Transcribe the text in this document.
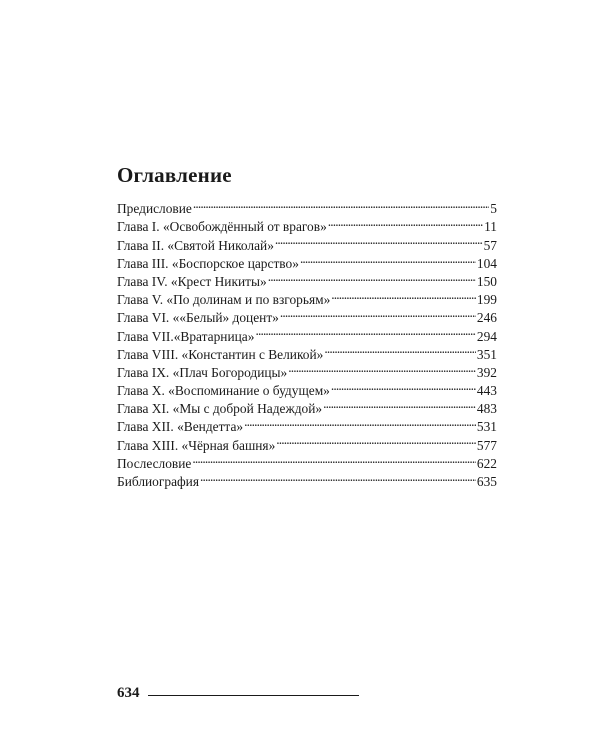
Оглавление
Предисловие . . .	5
Глава I. «Освобождённый от врагов» . . .	11
Глава II. «Святой Николай» . . .	57
Глава III. «Боспорское царство» . . .	104
Глава IV. «Крест Никиты» . . .	150
Глава V. «По долинам и по взгорьям» . . .	199
Глава VI. ««Белый» доцент» . . .	246
Глава VII.«Вратарница» . . .	294
Глава VIII. «Константин с Великой» . . .	351
Глава IX. «Плач Богородицы» . . .	392
Глава X. «Воспоминание о будущем» . . .	443
Глава XI. «Мы с доброй Надеждой» . . .	483
Глава XII. «Вендетта» . . .	531
Глава XIII. «Чёрная башня» . . .	577
Послесловие . . .	622
Библиография . . .	635
634
